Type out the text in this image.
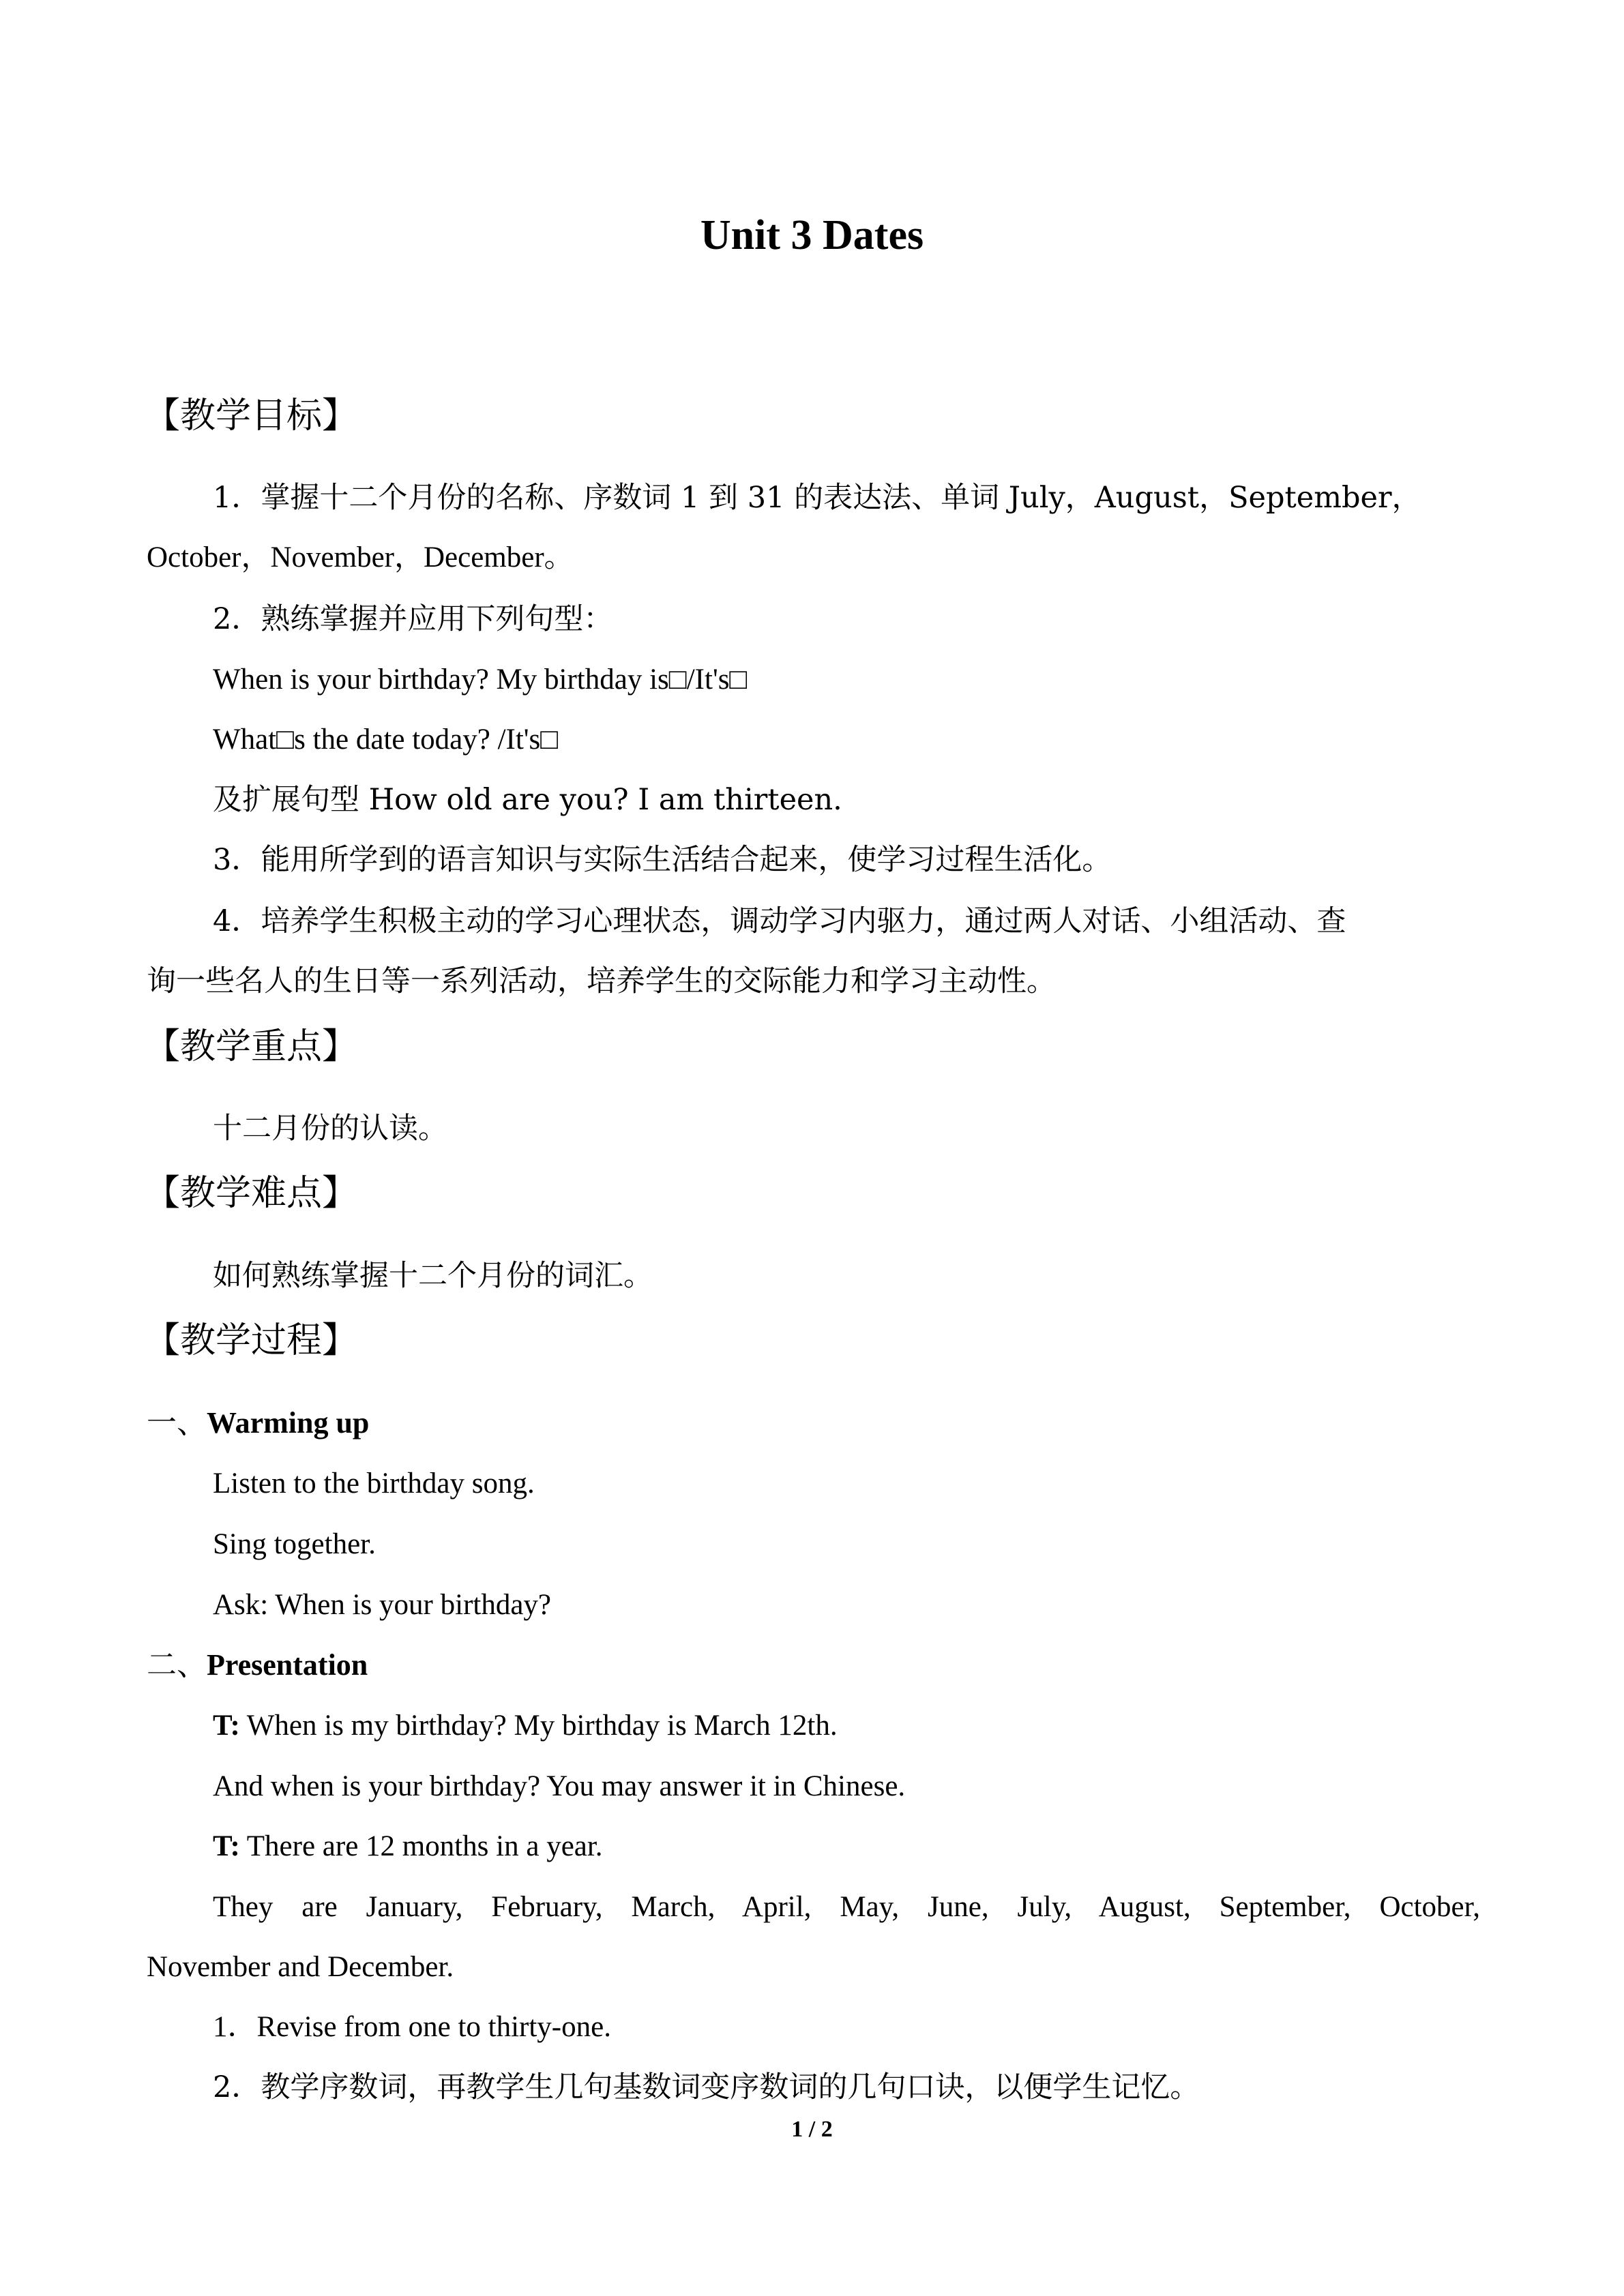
Unit 3 Dates
【教学目标】
1．掌握十二个月份的名称、序数词 1 到 31 的表达法、单词 July，August，September，
October，November，December。
2．熟练掌握并应用下列句型：
When is your birthday? My birthday is□/It's□
What□s the date today? /It's□
及扩展句型 How old are you? I am thirteen.
3．能用所学到的语言知识与实际生活结合起来，使学习过程生活化。
4．培养学生积极主动的学习心理状态，调动学习内驱力，通过两人对话、小组活动、查
询一些名人的生日等一系列活动，培养学生的交际能力和学习主动性。
【教学重点】
十二月份的认读。
【教学难点】
如何熟练掌握十二个月份的词汇。
【教学过程】
一、Warming up
Listen to the birthday song.
Sing together.
Ask: When is your birthday?
二、Presentation
T: When is my birthday? My birthday is March 12th.
And when is your birthday? You may answer it in Chinese.
T: There are 12 months in a year.
They are January, February, March, April, May, June, July, August, September, October,
November and December.
1．Revise from one to thirty-one.
2．教学序数词，再教学生几句基数词变序数词的几句口诀，以便学生记忆。
1 / 2
